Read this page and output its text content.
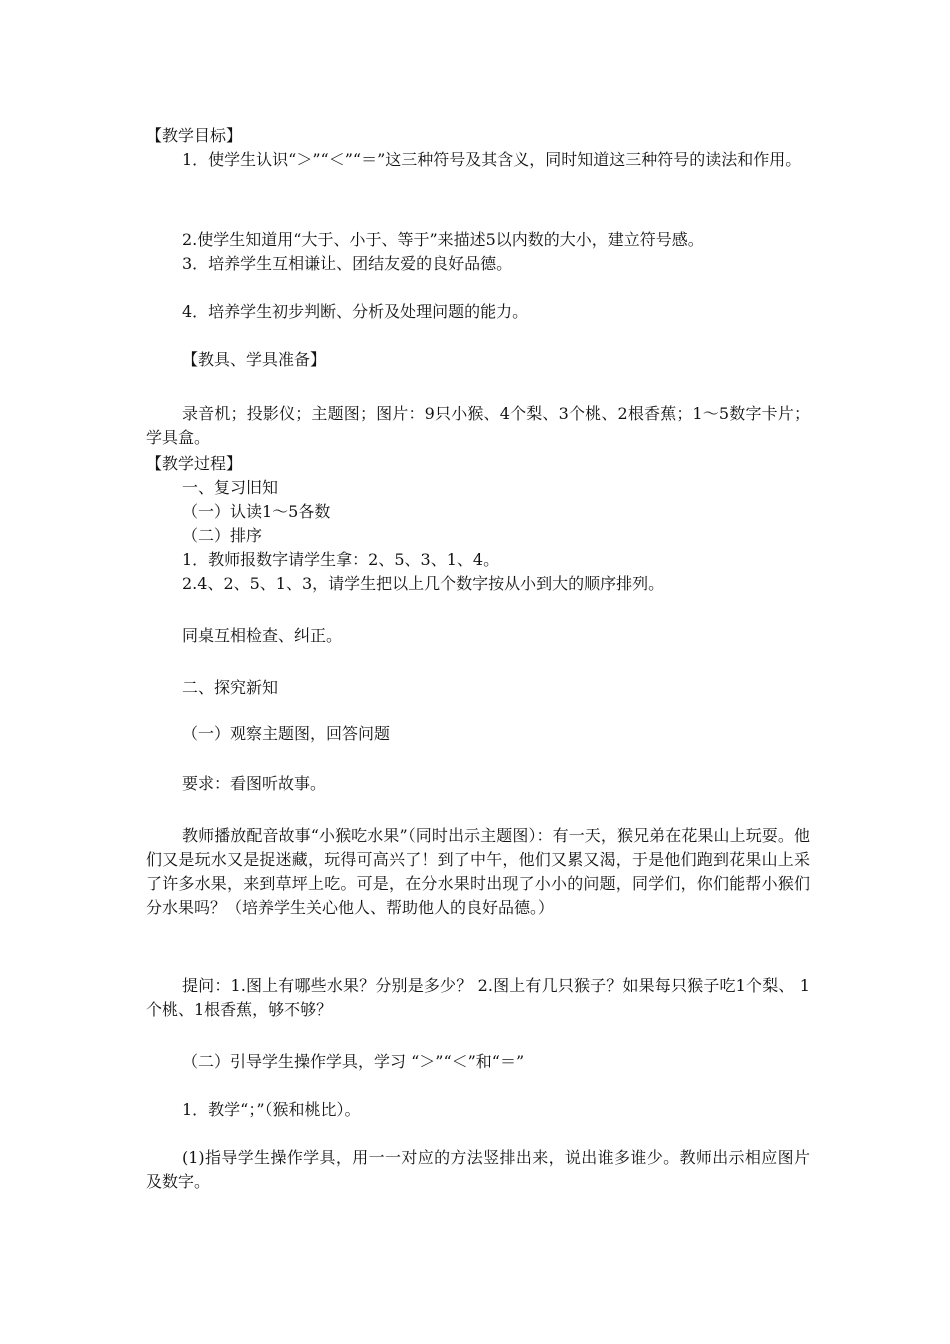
【教学目标】
1．使学生认识“＞”“＜”“＝”这三种符号及其含义，同时知道这三种符号的读法和作用。
2.使学生知道用“大于、小于、等于”来描述5以内数的大小，建立符号感。
3．培养学生互相谦让、团结友爱的良好品德。
4．培养学生初步判断、分析及处理问题的能力。
【教具、学具准备】
录音机；投影仪；主题图；图片：9只小猴、4个梨、3个桃、2根香蕉；1～5数字卡片；学具盒。
【教学过程】
一、复习旧知
（一）认读1～5各数
（二）排序
1．教师报数字请学生拿：2、5、3、1、4。
2.4、2、5、1、3，请学生把以上几个数字按从小到大的顺序排列。
同桌互相检查、纠正。
二、探究新知
（一）观察主题图，回答问题
要求：看图听故事。
教师播放配音故事“小猴吃水果”（同时出示主题图）：有一天，猴兄弟在花果山上玩耍。他们又是玩水又是捉迷藏，玩得可高兴了！到了中午，他们又累又渴，于是他们跑到花果山上采了许多水果，来到草坪上吃。可是，在分水果时出现了小小的问题，同学们，你们能帮小猴们分水果吗？（培养学生关心他人、帮助他人的良好品德。）
提问：1.图上有哪些水果？分别是多少？ 2.图上有几只猴子？如果每只猴子吃1个梨、 1个桃、1根香蕉，够不够？
（二）引导学生操作学具，学习 “＞”“＜”和“＝”
1．教学“；”（猴和桃比）。
(1)指导学生操作学具，用一一对应的方法竖排出来，说出谁多谁少。教师出示相应图片及数字。
